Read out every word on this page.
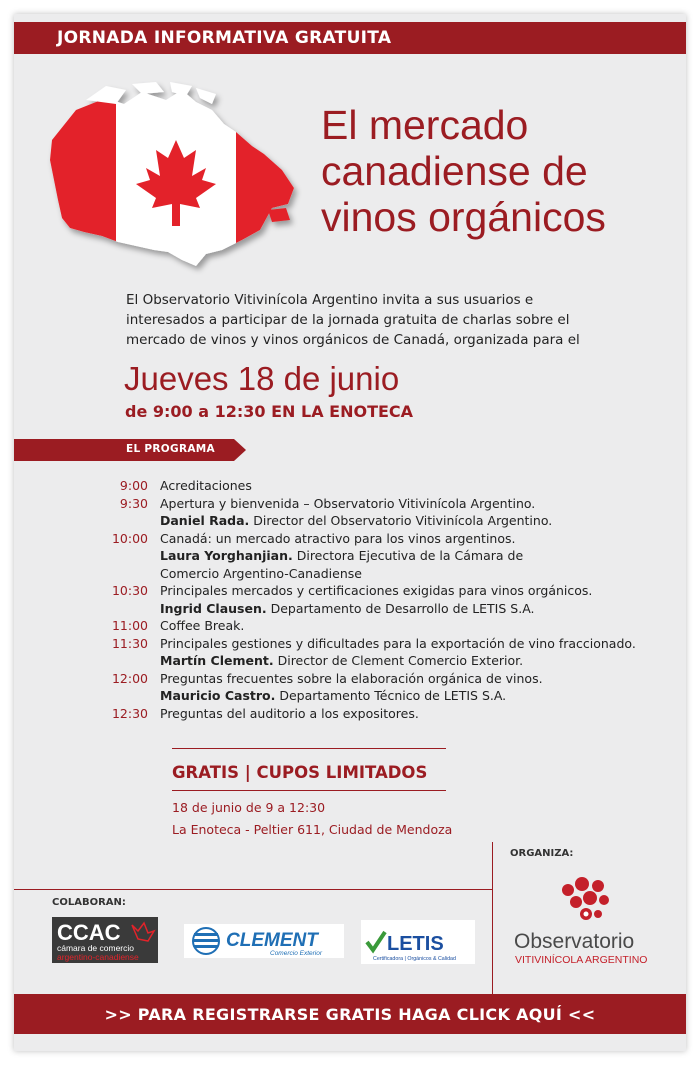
JORNADA INFORMATIVA GRATUITA
El mercado
canadiense de
vinos orgánicos
El Observatorio Vitivinícola Argentino invita a sus usuarios e
interesados a participar de la jornada gratuita de charlas sobre el
mercado de vinos y vinos orgánicos de Canadá, organizada para el
Jueves 18 de junio
de 9:00 a 12:30 EN LA ENOTECA
EL PROGRAMA
9:00 Acreditaciones
9:30 Apertura y bienvenida – Observatorio Vitivinícola Argentino.
Daniel Rada. Director del Observatorio Vitivinícola Argentino.
10:00 Canadá: un mercado atractivo para los vinos argentinos.
Laura Yorghanjian. Directora Ejecutiva de la Cámara de
Comercio Argentino-Canadiense
10:30 Principales mercados y certificaciones exigidas para vinos orgánicos.
Ingrid Clausen. Departamento de Desarrollo de LETIS S.A.
11:00 Coffee Break.
11:30 Principales gestiones y dificultades para la exportación de vino fraccionado.
Martín Clement. Director de Clement Comercio Exterior.
12:00 Preguntas frecuentes sobre la elaboración orgánica de vinos.
Mauricio Castro. Departamento Técnico de LETIS S.A.
12:30 Preguntas del auditorio a los expositores.
GRATIS | CUPOS LIMITADOS
18 de junio de 9 a 12:30
La Enoteca - Peltier 611, Ciudad de Mendoza
ORGANIZA:
COLABORAN:
CCAC
cámara de comercio
argentino-canadiense
CLEMENT
Comercio Exterior	LETIS
Certificadora | Orgánicos & Calidad
Observatorio
VITIVINÍCOLA ARGENTINO
>> PARA REGISTRARSE GRATIS HAGA CLICK AQUÍ <<
